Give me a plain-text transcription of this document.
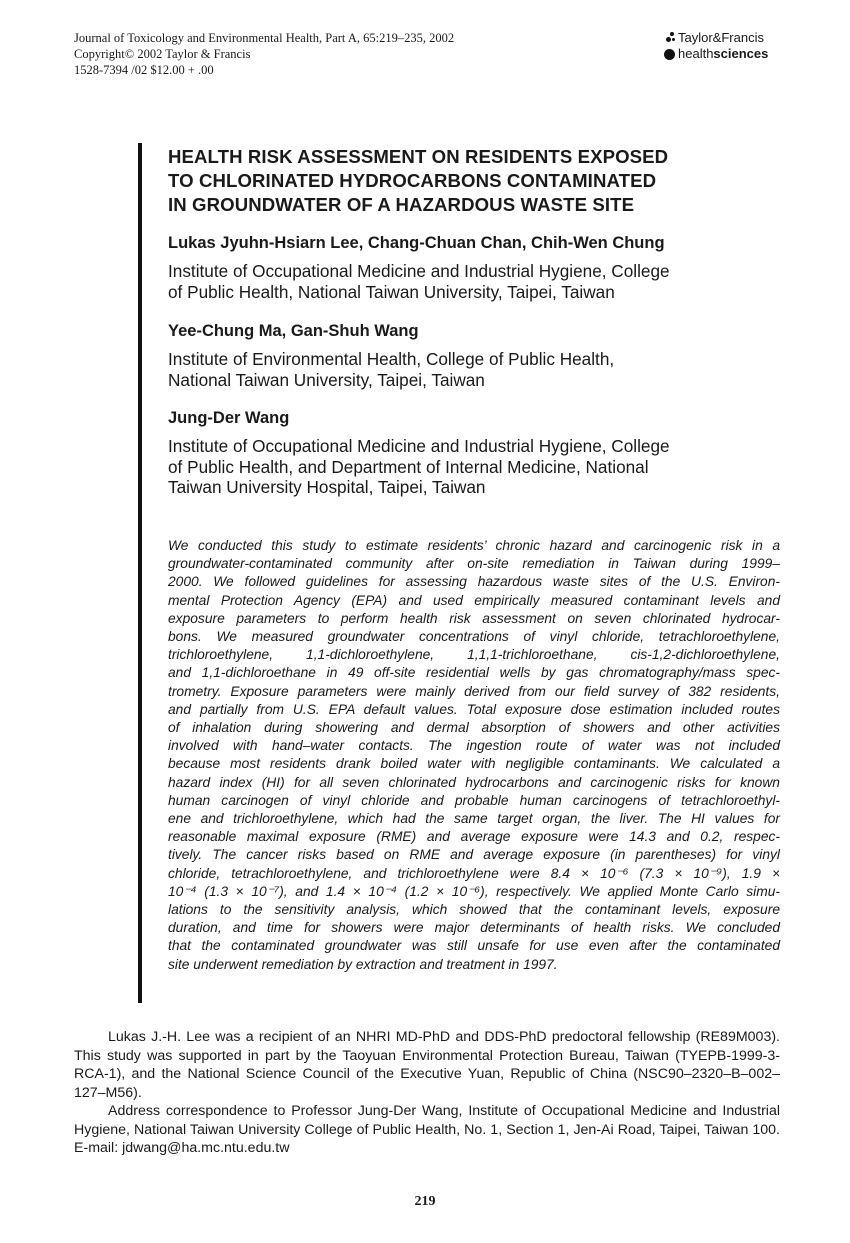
Journal of Toxicology and Environmental Health, Part A, 65:219–235, 2002
Copyright© 2002 Taylor & Francis
1528-7394 /02 $12.00 + .00
Taylor&Francis
health sciences
HEALTH RISK ASSESSMENT ON RESIDENTS EXPOSED
TO CHLORINATED HYDROCARBONS CONTAMINATED
IN GROUNDWATER OF A HAZARDOUS WASTE SITE
Lukas Jyuhn-Hsiarn Lee, Chang-Chuan Chan, Chih-Wen Chung
Institute of Occupational Medicine and Industrial Hygiene, College
of Public Health, National Taiwan University, Taipei, Taiwan
Yee-Chung Ma, Gan-Shuh Wang
Institute of Environmental Health, College of Public Health,
National Taiwan University, Taipei, Taiwan
Jung-Der Wang
Institute of Occupational Medicine and Industrial Hygiene, College
of Public Health, and Department of Internal Medicine, National
Taiwan University Hospital, Taipei, Taiwan
We conducted this study to estimate residents’ chronic hazard and carcinogenic risk in a
groundwater-contaminated community after on-site remediation in Taiwan during 1999–
2000. We followed guidelines for assessing hazardous waste sites of the U.S. Environ-
mental Protection Agency (EPA) and used empirically measured contaminant levels and
exposure parameters to perform health risk assessment on seven chlorinated hydrocar-
bons. We measured groundwater concentrations of vinyl chloride, tetrachloroethylene,
trichloroethylene, 1,1-dichloroethylene, 1,1,1-trichloroethane, cis-1,2-dichloroethylene,
and 1,1-dichloroethane in 49 off-site residential wells by gas chromatography/mass spec-
trometry. Exposure parameters were mainly derived from our field survey of 382 residents,
and partially from U.S. EPA default values. Total exposure dose estimation included routes
of inhalation during showering and dermal absorption of showers and other activities
involved with hand–water contacts. The ingestion route of water was not included
because most residents drank boiled water with negligible contaminants. We calculated a
hazard index (HI) for all seven chlorinated hydrocarbons and carcinogenic risks for known
human carcinogen of vinyl chloride and probable human carcinogens of tetrachloroethyl-
ene and trichloroethylene, which had the same target organ, the liver. The HI values for
reasonable maximal exposure (RME) and average exposure were 14.3 and 0.2, respec-
tively. The cancer risks based on RME and average exposure (in parentheses) for vinyl
chloride, tetrachloroethylene, and trichloroethylene were 8.4 × 10⁻⁶ (7.3 × 10⁻⁹), 1.9 ×
10⁻⁴ (1.3 × 10⁻⁷), and 1.4 × 10⁻⁴ (1.2 × 10⁻⁶), respectively. We applied Monte Carlo simu-
lations to the sensitivity analysis, which showed that the contaminant levels, exposure
duration, and time for showers were major determinants of health risks. We concluded
that the contaminated groundwater was still unsafe for use even after the contaminated
site underwent remediation by extraction and treatment in 1997.
Lukas J.-H. Lee was a recipient of an NHRI MD-PhD and DDS-PhD predoctoral fellowship (RE89M003). This study was supported in part by the Taoyuan Environmental Protection Bureau, Taiwan (TYEPB-1999-3-RCA-1), and the National Science Council of the Executive Yuan, Republic of China (NSC90–2320–B–002–127–M56).
Address correspondence to Professor Jung-Der Wang, Institute of Occupational Medicine and Industrial Hygiene, National Taiwan University College of Public Health, No. 1, Section 1, Jen-Ai Road, Taipei, Taiwan 100. E-mail: jdwang@ha.mc.ntu.edu.tw
219
